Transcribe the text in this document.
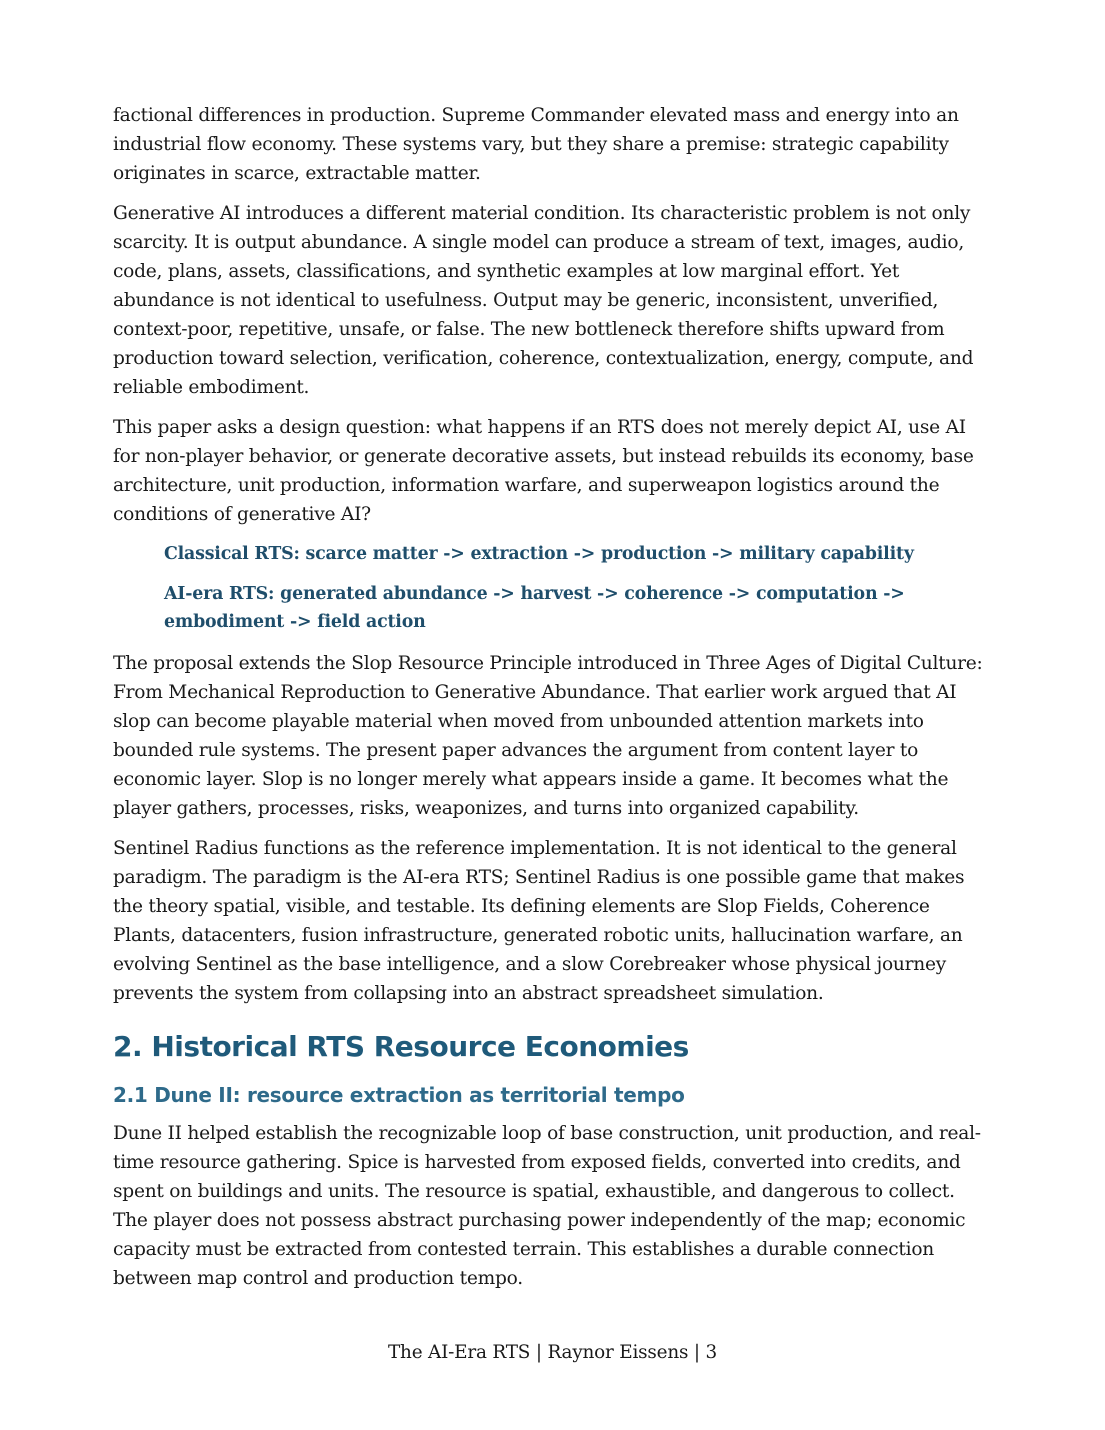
factional differences in production. Supreme Commander elevated mass and energy into an industrial flow economy. These systems vary, but they share a premise: strategic capability originates in scarce, extractable matter.

Generative AI introduces a different material condition. Its characteristic problem is not only scarcity. It is output abundance. A single model can produce a stream of text, images, audio, code, plans, assets, classifications, and synthetic examples at low marginal effort. Yet abundance is not identical to usefulness. Output may be generic, inconsistent, unverified, context-poor, repetitive, unsafe, or false. The new bottleneck therefore shifts upward from production toward selection, verification, coherence, contextualization, energy, compute, and reliable embodiment.

This paper asks a design question: what happens if an RTS does not merely depict AI, use AI for non-player behavior, or generate decorative assets, but instead rebuilds its economy, base architecture, unit production, information warfare, and superweapon logistics around the conditions of generative AI?

Classical RTS: scarce matter -> extraction -> production -> military capability
AI-era RTS: generated abundance -> harvest -> coherence -> computation -> embodiment -> field action

The proposal extends the Slop Resource Principle introduced in Three Ages of Digital Culture: From Mechanical Reproduction to Generative Abundance. That earlier work argued that AI slop can become playable material when moved from unbounded attention markets into bounded rule systems. The present paper advances the argument from content layer to economic layer. Slop is no longer merely what appears inside a game. It becomes what the player gathers, processes, risks, weaponizes, and turns into organized capability.

Sentinel Radius functions as the reference implementation. It is not identical to the general paradigm. The paradigm is the AI-era RTS; Sentinel Radius is one possible game that makes the theory spatial, visible, and testable. Its defining elements are Slop Fields, Coherence Plants, datacenters, fusion infrastructure, generated robotic units, hallucination warfare, an evolving Sentinel as the base intelligence, and a slow Corebreaker whose physical journey prevents the system from collapsing into an abstract spreadsheet simulation.

2. Historical RTS Resource Economies
2.1 Dune II: resource extraction as territorial tempo

Dune II helped establish the recognizable loop of base construction, unit production, and real-time resource gathering. Spice is harvested from exposed fields, converted into credits, and spent on buildings and units. The resource is spatial, exhaustible, and dangerous to collect. The player does not possess abstract purchasing power independently of the map; economic capacity must be extracted from contested terrain. This establishes a durable connection between map control and production tempo.

The AI-Era RTS | Raynor Eissens | 3
